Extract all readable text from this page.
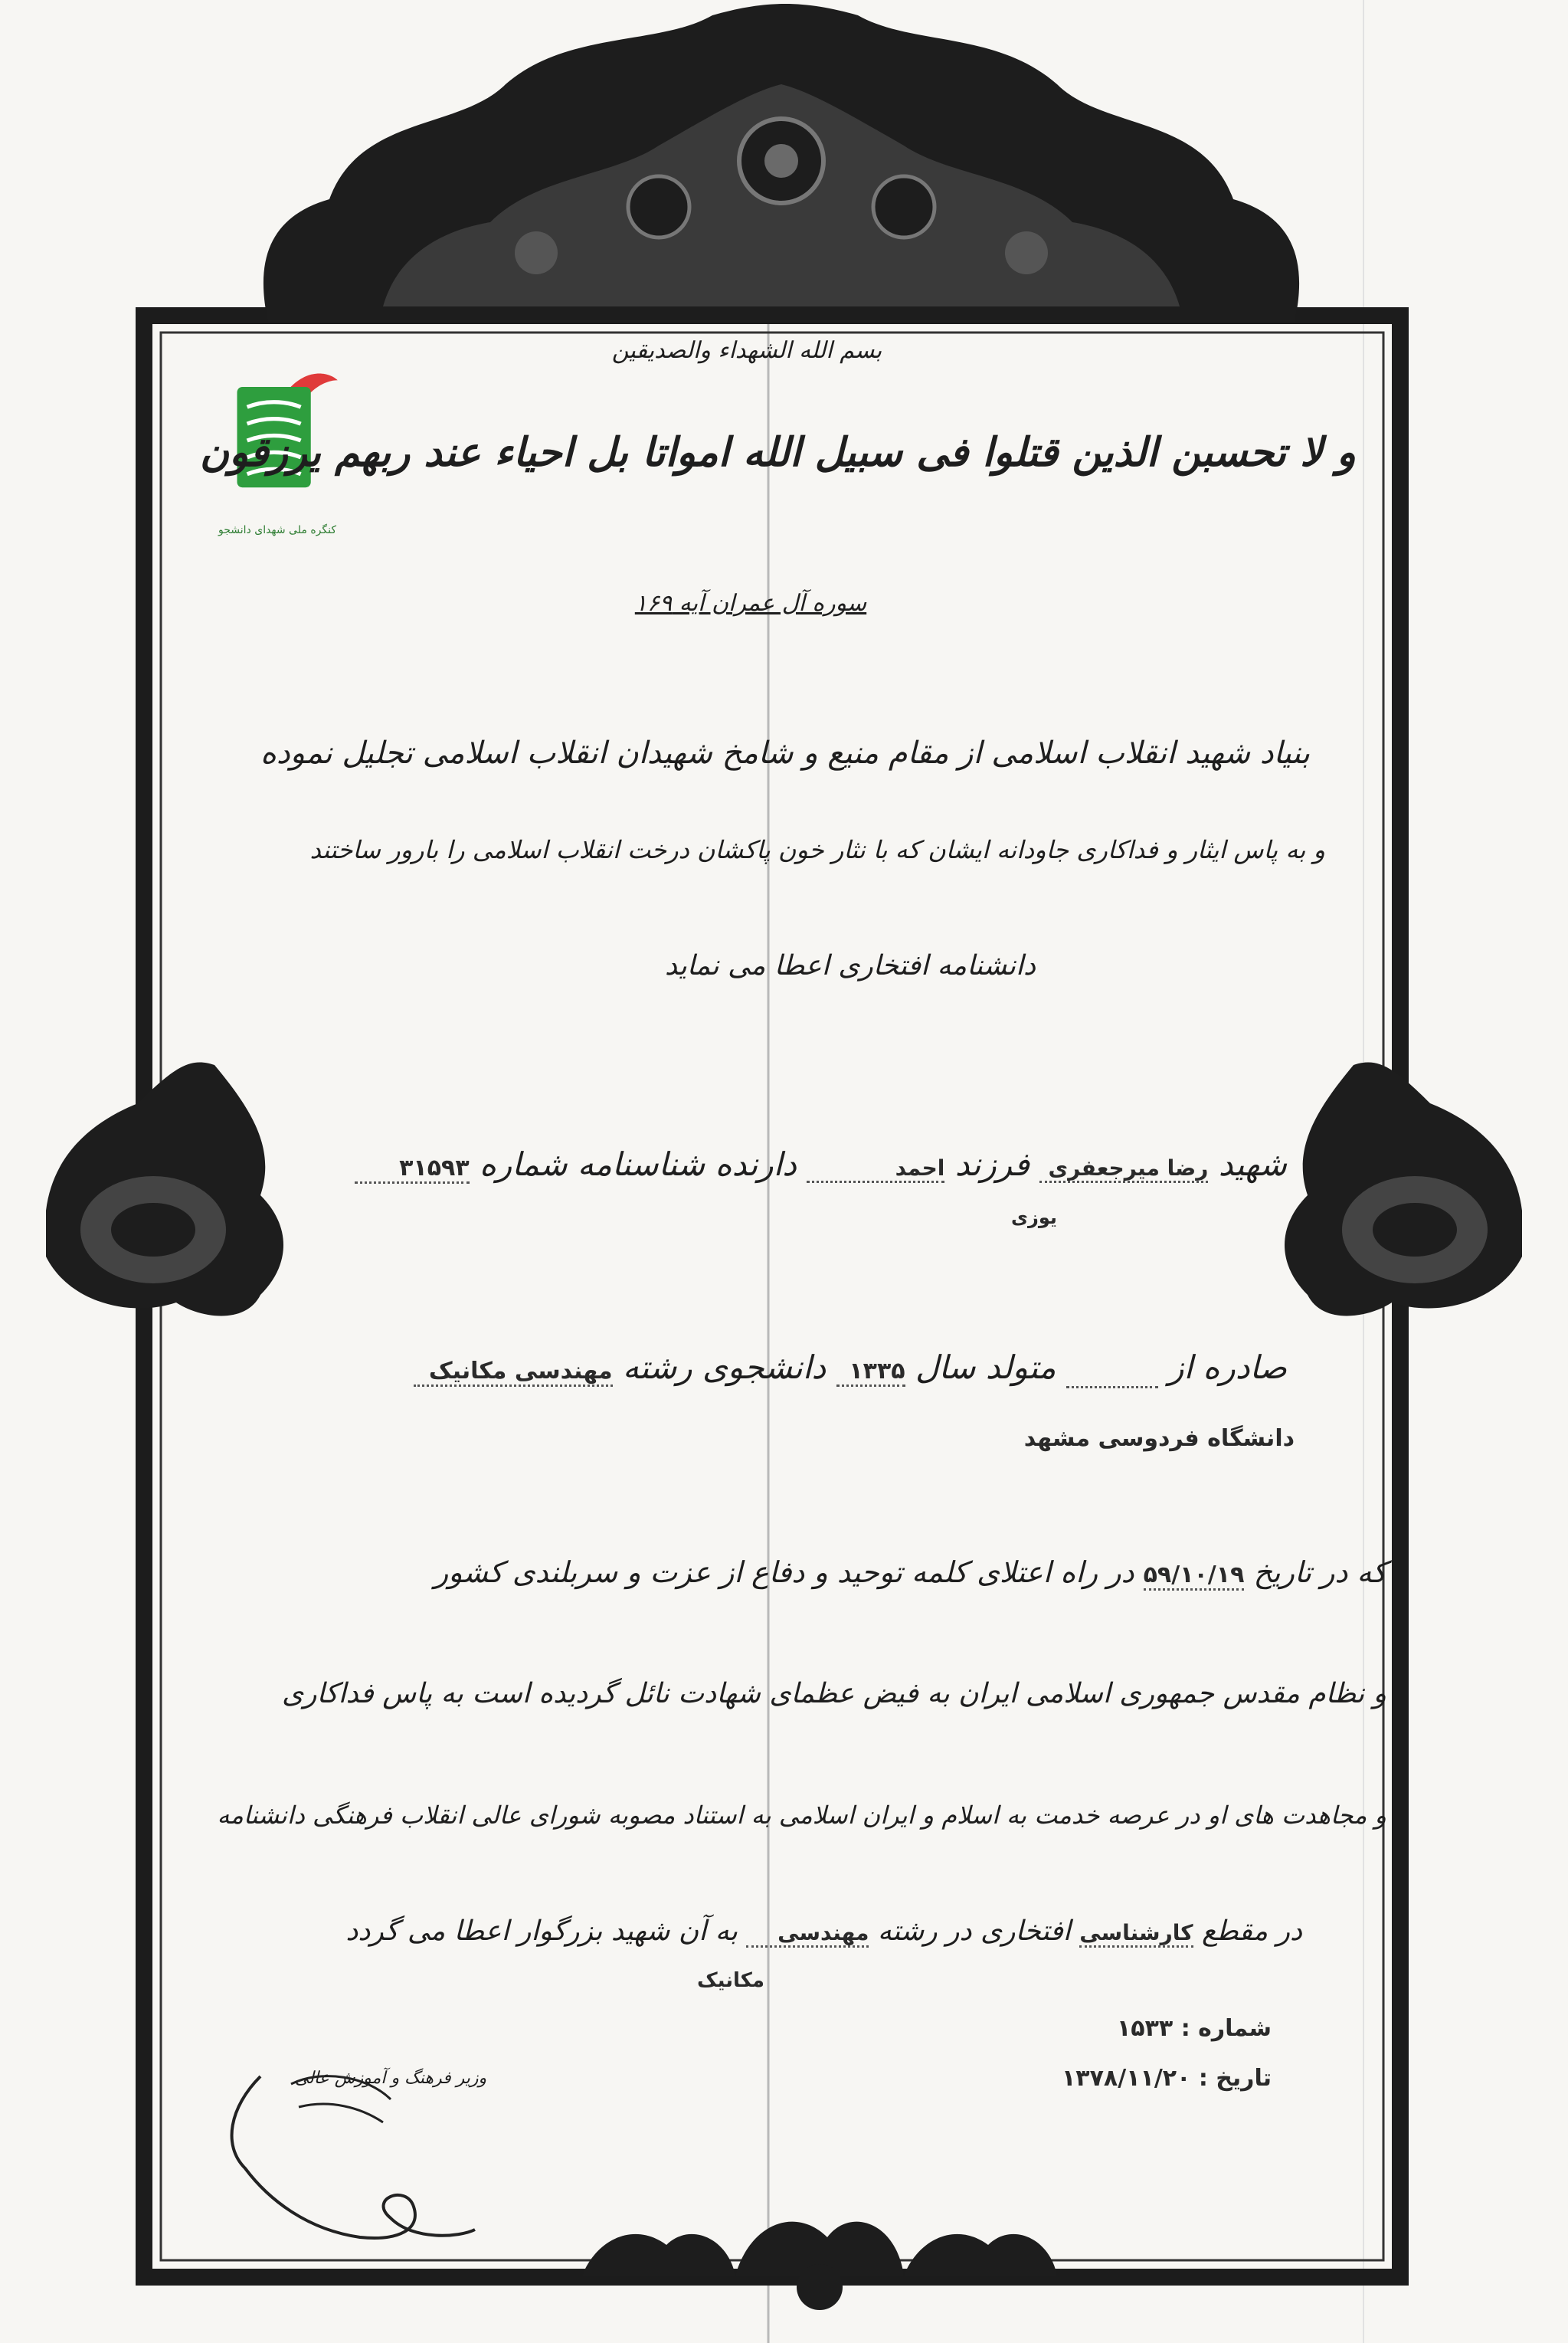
کنگره ملی شهدای دانشجو
بسم الله الشهداء والصدیقین
و لا تحسبن الذین قتلوا فی سبیل الله امواتا بل احیاء عند ربهم یرزقون
سوره آل عمران آیه ۱۶۹
بنیاد شهید انقلاب اسلامی از مقام منیع و شامخ شهیدان انقلاب اسلامی تجلیل نموده
و به پاس ایثار و فداکاری جاودانه ایشان که با نثار خون پاکشان درخت انقلاب اسلامی را بارور ساختند
دانشنامه افتخاری اعطا می نماید
شهید رضا میرجعفری فرزند احمد دارنده شناسنامه شماره ۳۱۵۹۳
یوزی
صادره از   متولد سال ۱۳۳۵ دانشجوی رشته مهندسی مکانیک
دانشگاه فردوسی مشهد
که در تاریخ ۵۹/۱۰/۱۹ در راه اعتلای کلمه توحید و دفاع از عزت و سربلندی کشور
و نظام مقدس جمهوری اسلامی ایران به فیض عظمای شهادت نائل گردیده است به پاس فداکاری
و مجاهدت های او در عرصه خدمت به اسلام و ایران اسلامی به استناد مصوبه شورای عالی انقلاب فرهنگی دانشنامه
در مقطع کارشناسی افتخاری در رشته مهندسی به آن شهید بزرگوار اعطا می گردد
مکانیک
شماره : ۱۵۳۳
تاریخ : ۱۳۷۸/۱۱/۲۰
وزیر فرهنگ و آموزش عالی
